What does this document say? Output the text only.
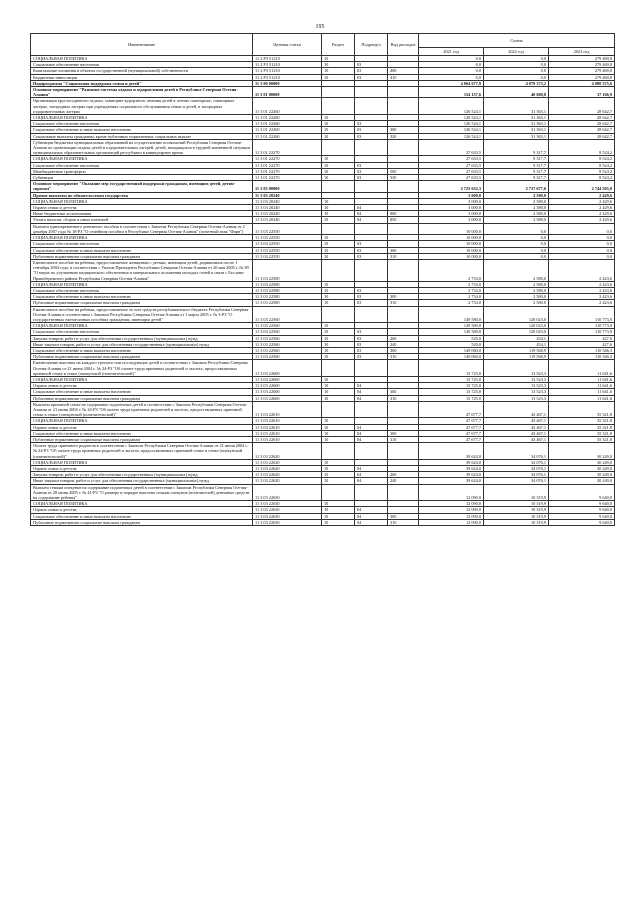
195
Наименование	Целевая статья	Раздел	Подраздел	Вид расходов	Сумма		
					2021 год	2022 год	2023 год
СОЦИАЛЬНАЯ ПОЛИТИКА	11 2 P3 51210	10			0,0	0,0	279 469,8
Социальное обеспечение населения	11 2 P3 51210	10	03		0,0	0,0	279 469,8
Капитальные вложения в объекты государственной (муниципальной) собственности	11 2 P3 51210	10	03	400	0,0	0,0	279 469,8
Бюджетные инвестиции	11 2 P3 51210	10	03	410	0,0	0,0	279 469,8
Подпрограмма "Социальная поддержка семьи и детей"	11 3 00 00000				4 064 677,9	4 079 373,2	4 080 375,6
Основное мероприятие "Развитие системы отдыха и оздоровления детей в Республике Северная Осетия-Алания"	11 3 01 00000				154 157,6	40 680,8	37 166,9
Организация круглогодичного отдыха, санаторно-курортного лечения детей в летних санаториях, санаторных лагерях, загородных лагерях при учреждениях социального обслуживания семьи и детей, в загородных оздоровительных лагерях	11 3 01 22260				126 524,1	31 363,1	28 642,7
СОЦИАЛЬНАЯ ПОЛИТИКА	11 3 01 22260	10			126 524,1	31 363,1	28 642,7
Социальное обеспечение населения	11 3 01 22260	10	03		126 524,1	31 363,1	28 642,7
Социальное обеспечение и иные выплаты населению	11 3 01 22260	10	03	300	126 524,1	31 363,1	28 642,7
Социальные выплаты гражданам, кроме публичных нормативных социальных выплат	11 3 01 22260	10	03	320	126 524,1	31 363,1	28 642,7
Субвенции бюджетам муниципальных образований на осуществление полномочий Республики Северная Осетия-Алания по организации отдыха детей и оздоровительных лагерей, детей, находящихся в трудной жизненной ситуации муниципальных образовательных организаций республики в каникулярное время	11 3 01 22270				27 633,5	9 317,7	8 524,2
СОЦИАЛЬНАЯ ПОЛИТИКА	11 3 01 22270	10			27 633,5	9 317,7	8 524,2
Социальное обеспечение населения	11 3 01 22270	10	03		27 633,5	9 317,7	8 524,2
Межбюджетные трансферты	11 3 01 22270	10	03	500	27 633,5	9 317,7	8 524,2
Субвенции	11 3 01 22270	10	03	530	27 633,5	9 317,7	8 524,2
Основное мероприятие "Оказание мер государственной поддержки гражданам, имеющим детей, детям-сиротам"	11 3 03 00000				2 725 632,3	2 737 677,6	2 744 505,0
Прочие выплаты по обязательствам государства	11 3 03 20240				3 000,0	2 580,0	2 429,6
СОЦИАЛЬНАЯ ПОЛИТИКА	11 3 03 20240	10			3 000,0	2 580,0	2 429,6
Охрана семьи и детства	11 3 03 20240	10	04		3 000,0	2 580,0	2 429,6
Иные бюджетные ассигнования	11 3 03 20240	10	04	800	3 000,0	2 580,0	2 429,6
Уплата налогов, сборов и иных платежей	11 3 03 20240	10	04	850	3 000,0	2 580,0	2 429,6
Выплата единовременного денежного пособия в соответствии с Законом Республики Северная Осетия-Алания от 2 декабря 2007 года № 18-РЗ "О семейном пособии в Республике Северная Осетия-Алания" (почетный знак "Фарн")	11 3 03 22550				10 000,0	0,0	0,0
СОЦИАЛЬНАЯ ПОЛИТИКА	11 3 03 22550	10			10 000,0	0,0	0,0
Социальное обеспечение населения	11 3 03 22550	10	03		10 000,0	0,0	0,0
Социальное обеспечение и иные выплаты населению	11 3 03 22550	10	03	300	10 000,0	0,0	0,0
Публичные нормативные социальные выплаты гражданам	11 3 03 22550	10	03	310	10 000,0	0,0	0,0
Ежемесячное пособие на ребенка, предоставляемое женщинам с детьми, имеющим детей, родившимся после 1 сентября 2004 года, в соответствии с Указом Президента Республики Северная Осетия-Алания от 26 мая 2005 г. № 89 "О мерах по улучшению медицинского обеспечения и материального положения молодых семей в связи с Беслана-Правобережного района Республики Северная Осетия-Алания"	11 3 03 22580				2 754,0	2 580,0	2 423,6
СОЦИАЛЬНАЯ ПОЛИТИКА	11 3 03 22580	10			2 754,0	2 580,0	2 423,6
Социальное обеспечение населения	11 3 03 22580	10	03		2 754,0	2 580,0	2 423,6
Социальное обеспечение и иные выплаты населению	11 3 03 22580	10	03	300	2 754,0	2 580,0	2 423,6
Публичные нормативные социальные выплаты гражданам	11 3 03 22580	10	03	310	2 754,0	2 580,0	2 423,6
Ежемесячное пособие на ребенка, предоставляемое за счет средств республиканского бюджета Республики Северная Осетия-Алания в соответствии с Законом Республики Северная Осетия-Алания от 1 марта 2005 г. № 3-РЗ "О государственных ежемесячных пособиях гражданам, имеющим детей"	11 3 03 22560				149 580,0	120 023,0	110 773,9
СОЦИАЛЬНАЯ ПОЛИТИКА	11 3 03 22560	10			149 580,0	120 023,0	110 773,9
Социальное обеспечение населения	11 3 03 22560	10	03		149 580,0	120 023,0	110 773,9
Закупка товаров, работ и услуг для обеспечения государственных (муниципальных) нужд	11 3 03 22560	10	03	200	520,0	454,1	427,6
Иные закупки товаров, работ и услуг для обеспечения государственных (муниципальных) нужд	11 3 03 22560	10	03	240	520,0	454,1	427,6
Социальное обеспечение и иные выплаты населению	11 3 03 22560	10	03	300	149 060,0	119 568,9	110 346,3
Публичные нормативные социальные выплаты гражданам	11 3 03 22560	10	03	310	149 060,0	119 568,9	110 346,3
Ежемесячные выплаты на каждого третьего или последующих детей в соответствии с Законом Республики Северная Осетия-Алания от 21 июня 2004 г. № 24-РЗ "Об оплате труда приемных родителей и льготах, предоставляемых приемной семье в семье (опекунской (попечительской)"	11 3 03 22600				15 725,0	13 523,3	11 641,6
СОЦИАЛЬНАЯ ПОЛИТИКА	11 3 03 22600	10			15 725,0	13 523,3	11 641,6
Охрана семьи и детства	11 3 03 22600	10	04		15 725,0	13 523,3	11 641,6
Социальное обеспечение и иные выплаты населению	11 3 03 22600	10	04	300	15 725,0	13 523,3	11 641,6
Публичные нормативные социальные выплаты гражданам	11 3 03 22600	10	04	310	15 725,0	13 523,3	11 641,6
Выплаты приемной семье на содержание подопечных детей в соответствии с Законом Республики Северная Осетия-Алания от 21 июня 2004 г. № 24-РЗ "Об оплате труда приемных родителей и льготах, предоставляемых приемной семье в семье (опекунской (попечительской)"	11 3 03 22610				47 677,7	43 467,1	35 321,8
СОЦИАЛЬНАЯ ПОЛИТИКА	11 3 03 22610	10			47 677,7	43 467,1	35 321,8
Охрана семьи и детства	11 3 03 22610	10	04		47 677,7	43 467,1	35 321,8
Социальное обеспечение и иные выплаты населению	11 3 03 22610	10	04	300	47 677,7	43 467,1	35 321,8
Публичные нормативные социальные выплаты гражданам	11 3 03 22610	10	04	310	47 677,7	43 467,1	35 321,8
Оплата труда приемного родителя в соответствии с Законом Республики Северная Осетия-Алания от 21 июня 2004 г. № 24-РЗ "Об оплате труда приемных родителей и льготах, предоставляемых приемной семье в семье (опекунской (попечительской)"	11 3 03 22620				39 624,0	34 076,1	30 249,0
СОЦИАЛЬНАЯ ПОЛИТИКА	11 3 03 22620	10			39 624,0	34 076,1	30 249,0
Охрана семьи и детства	11 3 03 22620	10	04		39 624,0	34 076,1	30 249,0
Закупка товаров, работ и услуг для обеспечения государственных (муниципальных) нужд	11 3 03 22620	10	04	200	39 624,0	34 076,1	30 249,0
Иные закупки товаров, работ и услуг для обеспечения государственных (муниципальных) нужд	11 3 03 22620	10	04	240	39 624,0	34 076,1	30 249,0
Выплата семьям опекунов на содержание подопечных детей в соответствии с Законом Республики Северная Осетия-Алания от 28 июня 2005 г. № 41-РЗ "О размере и порядке выплаты семьям опекунов (попечителей) денежных средств на содержание ребенка"	11 3 03 22630				12 090,0	10 319,9	9 640,0
СОЦИАЛЬНАЯ ПОЛИТИКА	11 3 03 22630	10			12 090,0	10 319,9	9 640,0
Охрана семьи и детства	11 3 03 22630	10	04		12 090,0	10 319,9	9 640,0
Социальное обеспечение и иные выплаты населению	11 3 03 22630	10	04	300	12 090,0	10 319,9	9 640,0
Публичные нормативные социальные выплаты гражданам	11 3 03 22630	10	04	310	12 090,0	10 319,9	9 640,0
